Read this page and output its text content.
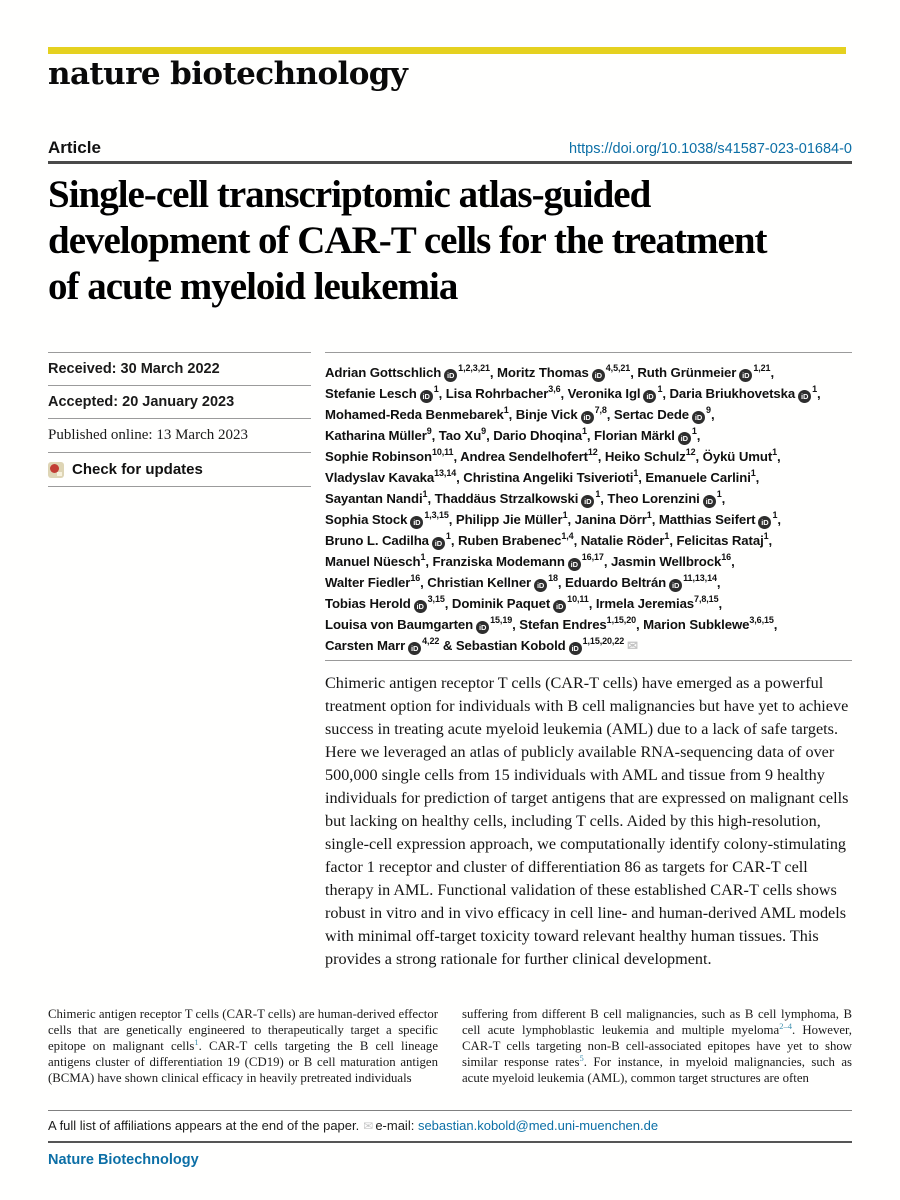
nature biotechnology
Article	https://doi.org/10.1038/s41587-023-01684-0
Single-cell transcriptomic atlas-guided
development of CAR-T cells for the treatment
of acute myeloid leukemia
Received: 30 March 2022
Accepted: 20 January 2023
Published online: 13 March 2023
Check for updates
Adrian Gottschlich iD$^{1,2,3,21}$, Moritz Thomas iD$^{4,5,21}$, Ruth Grünmeier iD$^{1,21}$,
Stefanie Lesch $iD^1$, Lisa Rohrbacher$^{3,6}$, Veronika Igl $iD^1$, Daria Briukhovetska $iD^1$,
Mohamed-Reda Benmebarek$^1$, Binje Vick iD$^{7,8}$, Sertac Dede $iD^9$,
Katharina Müller$^9$, Tao Xu$^9$, Dario Dhoqina$^1$, Florian Märkl $iD^1$,
Sophie Robinson$^{10,11}$, Andrea Sendelhofert$^{12}$, Heiko Schulz$^{12}$, Öykü Umut$^1$,
Vladyslav Kavaka$^{13,14}$, Christina Angeliki Tsiverioti$^1$, Emanuele Carlini$^1$,
Sayantan Nandi$^1$, Thaddäus Strzalkowski $iD^1$, Theo Lorenzini $iD^1$,
Sophia Stock iD$^{1,3,15}$, Philipp Jie Müller$^1$, Janina Dörr$^1$, Matthias Seifert $iD^1$,
Bruno L. Cadilha $iD^1$, Ruben Brabenec$^{1,4}$, Natalie Röder$^1$, Felicitas Rataj$^1$,
Manuel Nüesch$^1$, Franziska Modemann iD$^{16,17}$, Jasmin Wellbrock$^{16}$,
Walter Fiedler$^{16}$, Christian Kellner $iD^{18}$, Eduardo Beltrán iD$^{11,13,14}$,
Tobias Herold iD$^{3,15}$, Dominik Paquet iD$^{10,11}$, Irmela Jeremias$^{7,8,15}$,
Louisa von Baumgarten iD$^{15,19}$, Stefan Endres$^{1,15,20}$, Marion Subklewe$^{3,6,15}$,
Carsten Marr iD$^{4,22}$ & Sebastian Kobold iD$^{1,15,20,22}$ ✉

Chimeric antigen receptor T cells (CAR-T cells) have emerged as a powerful treatment option for individuals with B cell malignancies but have yet to achieve success in treating acute myeloid leukemia (AML) due to a lack of safe targets. Here we leveraged an atlas of publicly available RNA-sequencing data of over 500,000 single cells from 15 individuals with AML and tissue from 9 healthy individuals for prediction of target antigens that are expressed on malignant cells but lacking on healthy cells, including T cells. Aided by this high-resolution, single-cell expression approach, we computationally identify colony-stimulating factor 1 receptor and cluster of differentiation 86 as targets for CAR-T cell therapy in AML. Functional validation of these established CAR-T cells shows robust in vitro and in vivo efficacy in cell line- and human-derived AML models with minimal off-target toxicity toward relevant healthy human tissues. This provides a strong rationale for further clinical development.

Chimeric antigen receptor T cells (CAR-T cells) are human-derived effector cells that are genetically engineered to therapeutically target a specific epitope on malignant cells$^1$. CAR-T cells targeting the B cell lineage antigens cluster of differentiation 19 (CD19) or B cell maturation antigen (BCMA) have shown clinical efficacy in heavily pretreated individuals

suffering from different B cell malignancies, such as B cell lymphoma, B cell acute lymphoblastic leukemia and multiple myeloma$^{2-4}$. However, CAR-T cells targeting non-B cell-associated epitopes have yet to show similar response rates$^5$. For instance, in myeloid malignancies, such as acute myeloid leukemia (AML), common target structures are often

A full list of affiliations appears at the end of the paper. ✉ e-mail: sebastian.kobold@med.uni-muenchen.de
Nature Biotechnology
